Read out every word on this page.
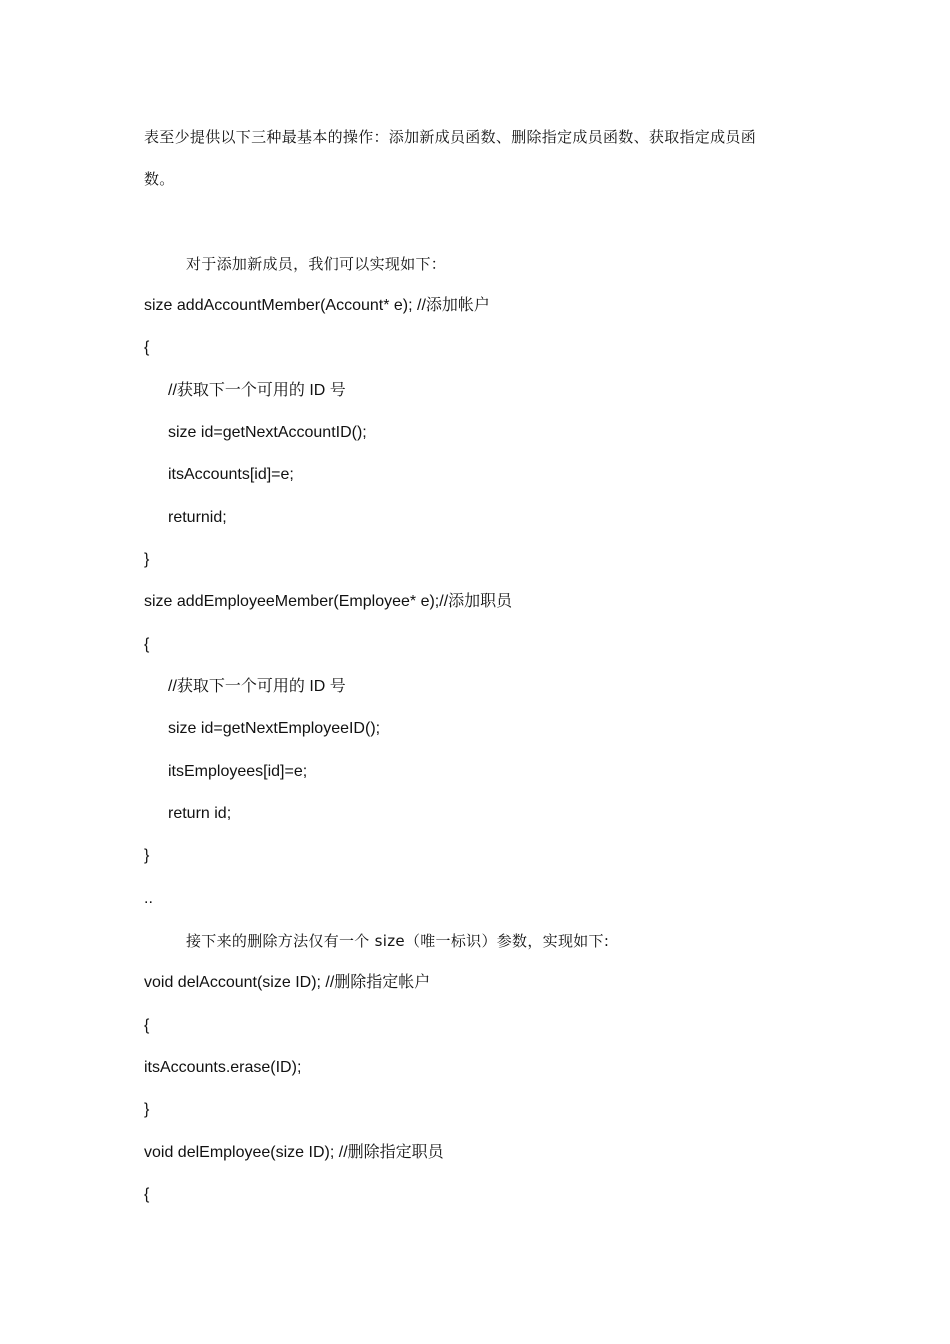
表至少提供以下三种最基本的操作：添加新成员函数、删除指定成员函数、获取指定成员函
数。
对于添加新成员，我们可以实现如下：
size addAccountMember(Account* e); //添加帐户
{
//获取下一个可用的 ID 号
size id=getNextAccountID();
itsAccounts[id]=e;
returnid;
}
size addEmployeeMember(Employee* e);//添加职员
{
//获取下一个可用的 ID 号
size id=getNextEmployeeID();
itsEmployees[id]=e;
return id;
}
..
接下来的删除方法仅有一个 size（唯一标识）参数，实现如下:
void delAccount(size ID); //删除指定帐户
{
itsAccounts.erase(ID);
}
void delEmployee(size ID); //删除指定职员
{
